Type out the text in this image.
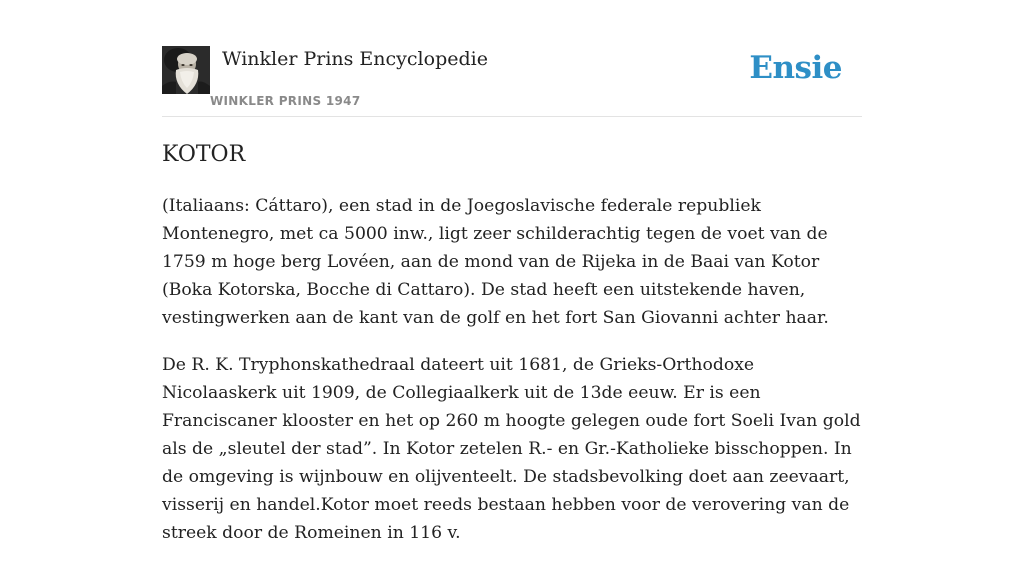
Winkler Prins Encyclopedie
WINKLER PRINS 1947
Ensie
KOTOR

(Italiaans: Cáttaro), een stad in de Joegoslavische federale republiek Montenegro, met ca 5000 inw., ligt zeer schilderachtig tegen de voet van de 1759 m hoge berg Lovéen, aan de mond van de Rijeka in de Baai van Kotor (Boka Kotorska, Bocche di Cattaro). De stad heeft een uitstekende haven, vestingwerken aan de kant van de golf en het fort San Giovanni achter haar.

De R. K. Tryphonskathedraal dateert uit 1681, de Grieks-Orthodoxe Nicolaaskerk uit 1909, de Collegiaalkerk uit de 13de eeuw. Er is een Franciscaner klooster en het op 260 m hoogte gelegen oude fort Soeli Ivan gold als de „sleutel der stad”. In Kotor zetelen R.- en Gr.-Katholieke bisschoppen. In de omgeving is wijnbouw en olijventeelt. De stadsbevolking doet aan zeevaart, visserij en handel.Kotor moet reeds bestaan hebben voor de verovering van de streek door de Romeinen in 116 v.
